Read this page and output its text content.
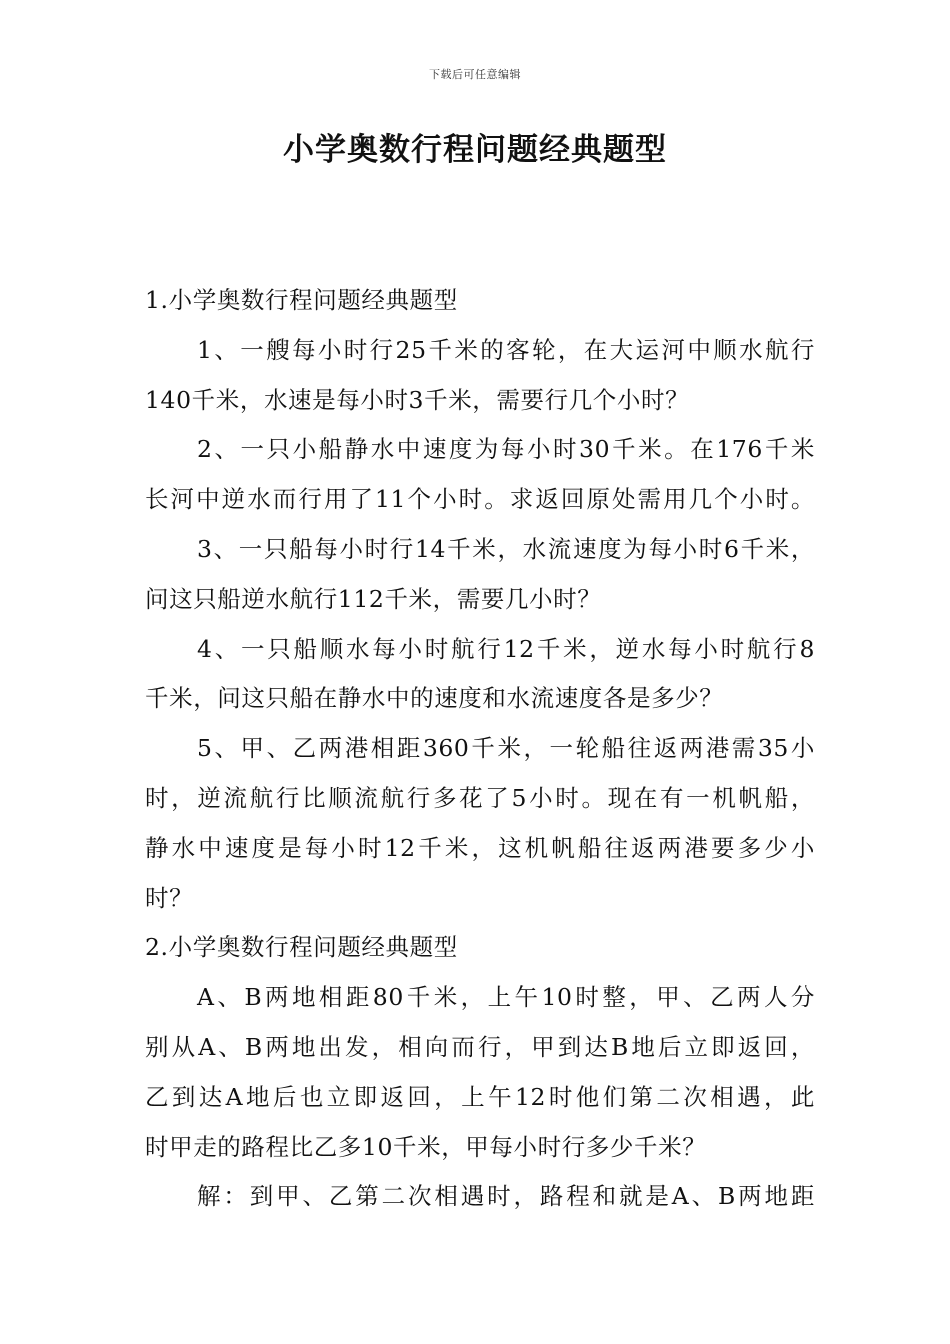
下载后可任意编辑
小学奥数行程问题经典题型
1.小学奥数行程问题经典题型
1、一艘每小时行25千米的客轮，在大运河中顺水航行
140千米，水速是每小时3千米，需要行几个小时？
2、一只小船静水中速度为每小时30千米。在176千米
长河中逆水而行用了11个小时。求返回原处需用几个小时。
3、一只船每小时行14千米，水流速度为每小时6千米，
问这只船逆水航行112千米，需要几小时？
4、一只船顺水每小时航行12千米，逆水每小时航行8
千米，问这只船在静水中的速度和水流速度各是多少？
5、甲、乙两港相距360千米，一轮船往返两港需35小
时，逆流航行比顺流航行多花了5小时。现在有一机帆船，
静水中速度是每小时12千米，这机帆船往返两港要多少小
时？
2.小学奥数行程问题经典题型
A、B两地相距80千米，上午10时整，甲、乙两人分
别从A、B两地出发，相向而行，甲到达B地后立即返回，
乙到达A地后也立即返回，上午12时他们第二次相遇，此
时甲走的路程比乙多10千米，甲每小时行多少千米？
解：到甲、乙第二次相遇时，路程和就是A、B两地距
